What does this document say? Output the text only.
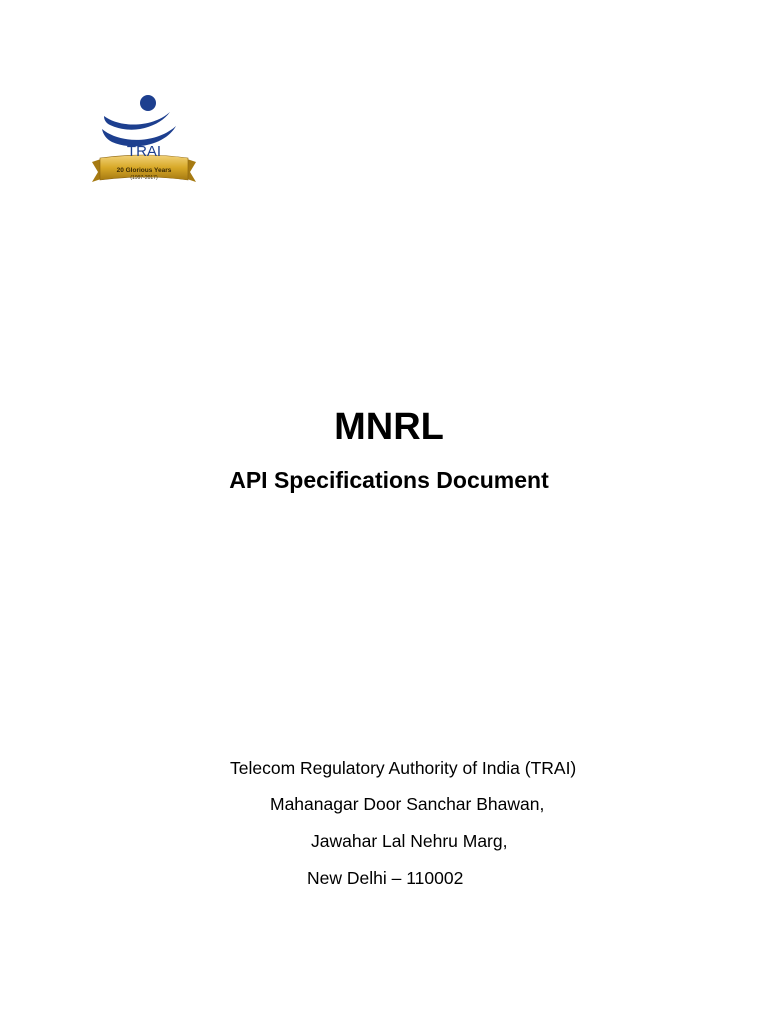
TRAI
20 Glorious Years
(1997-2017)
MNRL
API Specifications Document

Telecom Regulatory Authority of India (TRAI)

Mahanagar Door Sanchar Bhawan,

Jawahar Lal Nehru Marg,

New Delhi – 110002
